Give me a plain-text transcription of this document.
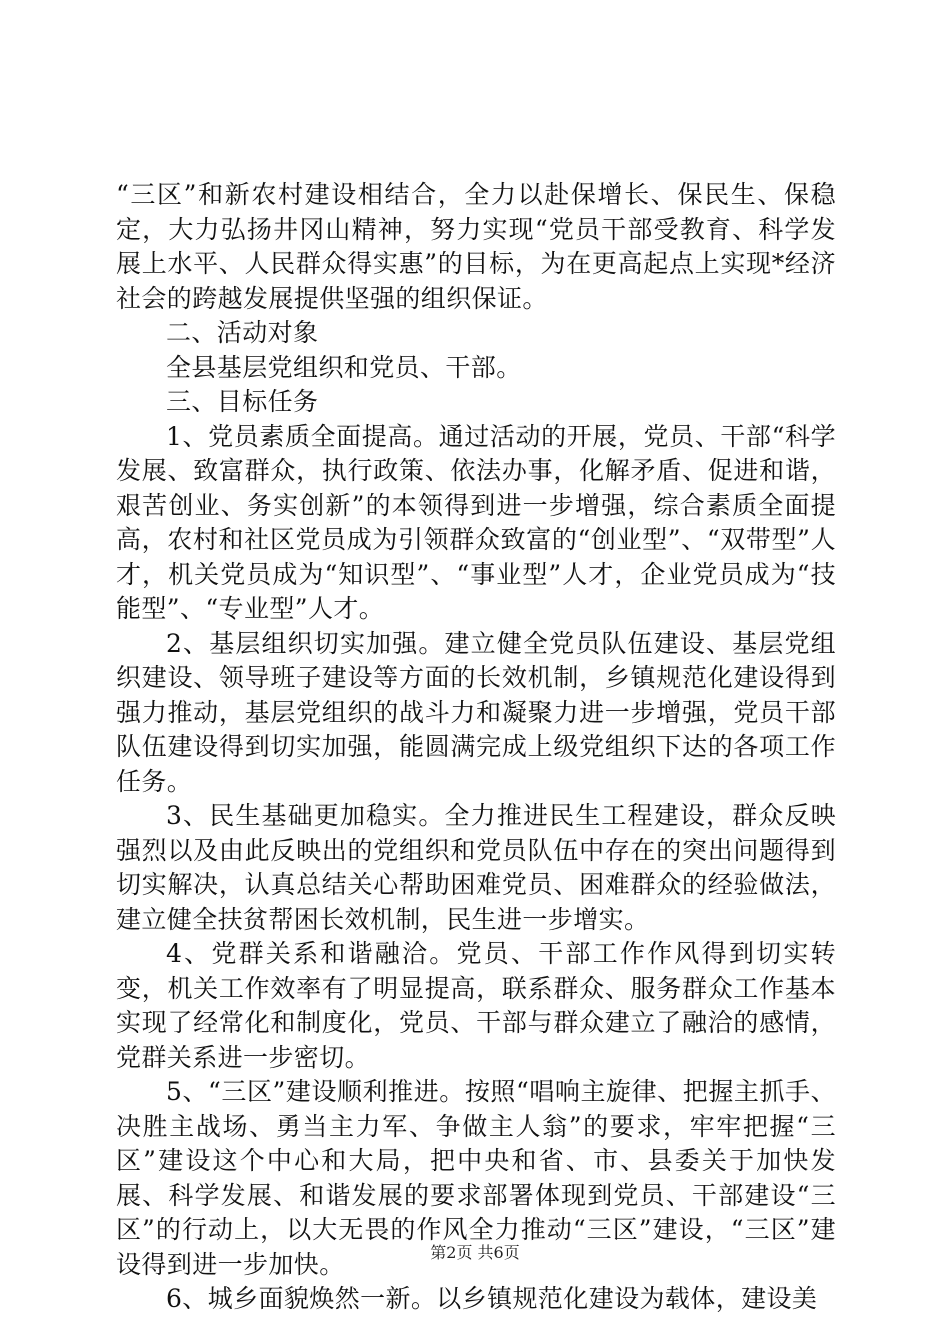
“三区”和新农村建设相结合，全力以赴保增长、保民生、保稳定，大力弘扬井冈山精神，努力实现“党员干部受教育、科学发展上水平、人民群众得实惠”的目标，为在更高起点上实现*经济社会的跨越发展提供坚强的组织保证。

二、活动对象

全县基层党组织和党员、干部。

三、目标任务

1、党员素质全面提高。通过活动的开展，党员、干部“科学发展、致富群众，执行政策、依法办事，化解矛盾、促进和谐，艰苦创业、务实创新”的本领得到进一步增强，综合素质全面提高，农村和社区党员成为引领群众致富的“创业型”、“双带型”人才，机关党员成为“知识型”、“事业型”人才，企业党员成为“技能型”、“专业型”人才。

2、基层组织切实加强。建立健全党员队伍建设、基层党组织建设、领导班子建设等方面的长效机制，乡镇规范化建设得到强力推动，基层党组织的战斗力和凝聚力进一步增强，党员干部队伍建设得到切实加强，能圆满完成上级党组织下达的各项工作任务。

3、民生基础更加稳实。全力推进民生工程建设，群众反映强烈以及由此反映出的党组织和党员队伍中存在的突出问题得到切实解决，认真总结关心帮助困难党员、困难群众的经验做法，建立健全扶贫帮困长效机制，民生进一步增实。

4、党群关系和谐融洽。党员、干部工作作风得到切实转变，机关工作效率有了明显提高，联系群众、服务群众工作基本实现了经常化和制度化，党员、干部与群众建立了融洽的感情，党群关系进一步密切。

5、“三区”建设顺利推进。按照“唱响主旋律、把握主抓手、决胜主战场、勇当主力军、争做主人翁”的要求，牢牢把握“三区”建设这个中心和大局，把中央和省、市、县委关于加快发展、科学发展、和谐发展的要求部署体现到党员、干部建设“三区”的行动上，以大无畏的作风全力推动“三区”建设，“三区”建设得到进一步加快。

6、城乡面貌焕然一新。以乡镇规范化建设为载体，建设美

第2页 共6页
